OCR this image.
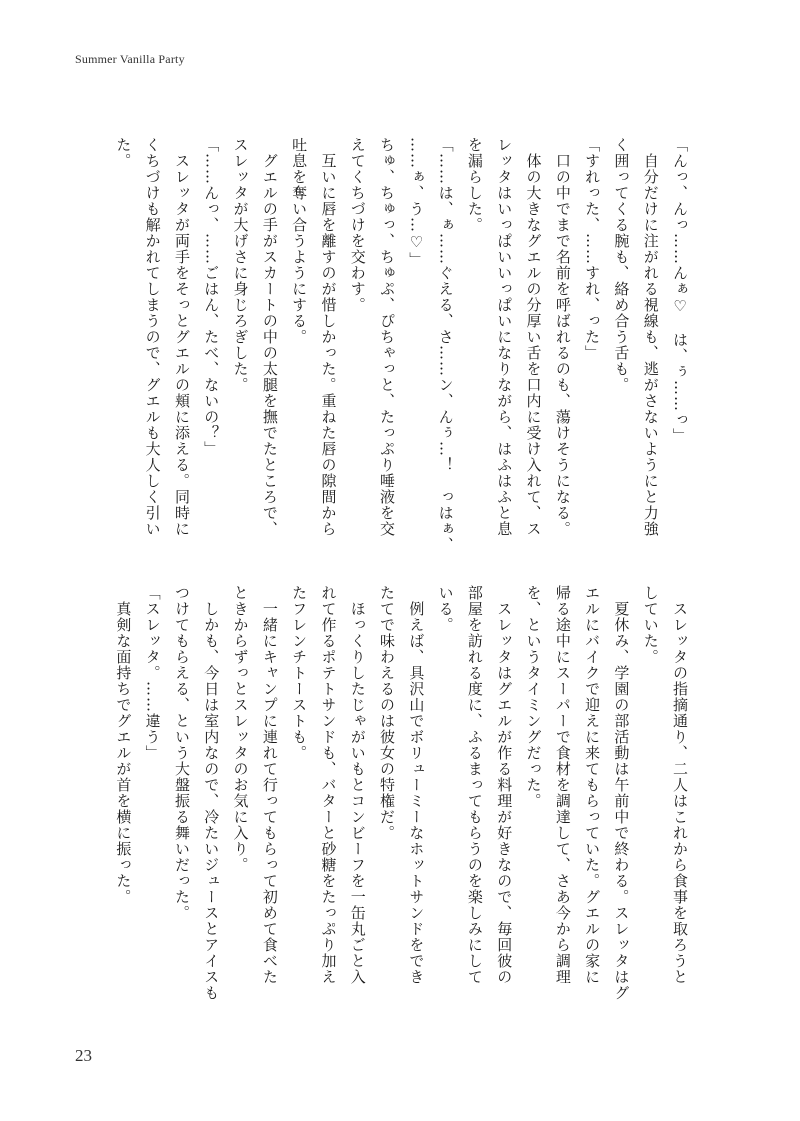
Summer Vanilla Party

「んっ、んっ……んぁ♡　は、ぅ……っ」

　自分だけに注がれる視線も、逃がさないようにと力強

く囲ってくる腕も、絡め合う舌も。

「すれった、……すれ、った」

　口の中でまで名前を呼ばれるのも、蕩けそうになる。

　体の大きなグエルの分厚い舌を口内に受け入れて、ス

レッタはいっぱいいっぱいになりながら、はふはふと息

を漏らした。

「……は、ぁ……ぐえる、さ……ン、んぅ…！　っはぁ、

……ぁ、う…♡」

ちゅ、ちゅっ、ちゅぷ、ぴちゃっと、たっぷり唾液を交

えてくちづけを交わす。

　互いに唇を離すのが惜しかった。重ねた唇の隙間から

吐息を奪い合うようにする。

　グエルの手がスカートの中の太腿を撫でたところで、

スレッタが大げさに身じろぎした。

「……んっ、……ごはん、たべ、ないの？」

　スレッタが両手をそっとグエルの頬に添える。同時に

くちづけも解かれてしまうので、グエルも大人しく引い

た。

　スレッタの指摘通り、二人はこれから食事を取ろうと

していた。

　夏休み、学園の部活動は午前中で終わる。スレッタはグ

エルにバイクで迎えに来てもらっていた。グエルの家に

帰る途中にスーパーで食材を調達して、さあ今から調理

を、というタイミングだった。

　スレッタはグエルが作る料理が好きなので、毎回彼の

部屋を訪れる度に、ふるまってもらうのを楽しみにして

いる。

　例えば、具沢山でボリューミーなホットサンドをでき

たてで味わえるのは彼女の特権だ。

　ほっくりしたじゃがいもとコンビーフを一缶丸ごと入

れて作るポテトサンドも、バターと砂糖をたっぷり加え

たフレンチトーストも。

　一緒にキャンプに連れて行ってもらって初めて食べた

ときからずっとスレッタのお気に入り。

　しかも、今日は室内なので、冷たいジュースとアイスも

つけてもらえる、という大盤振る舞いだった。

「スレッタ。……違う」

　真剣な面持ちでグエルが首を横に振った。

23
